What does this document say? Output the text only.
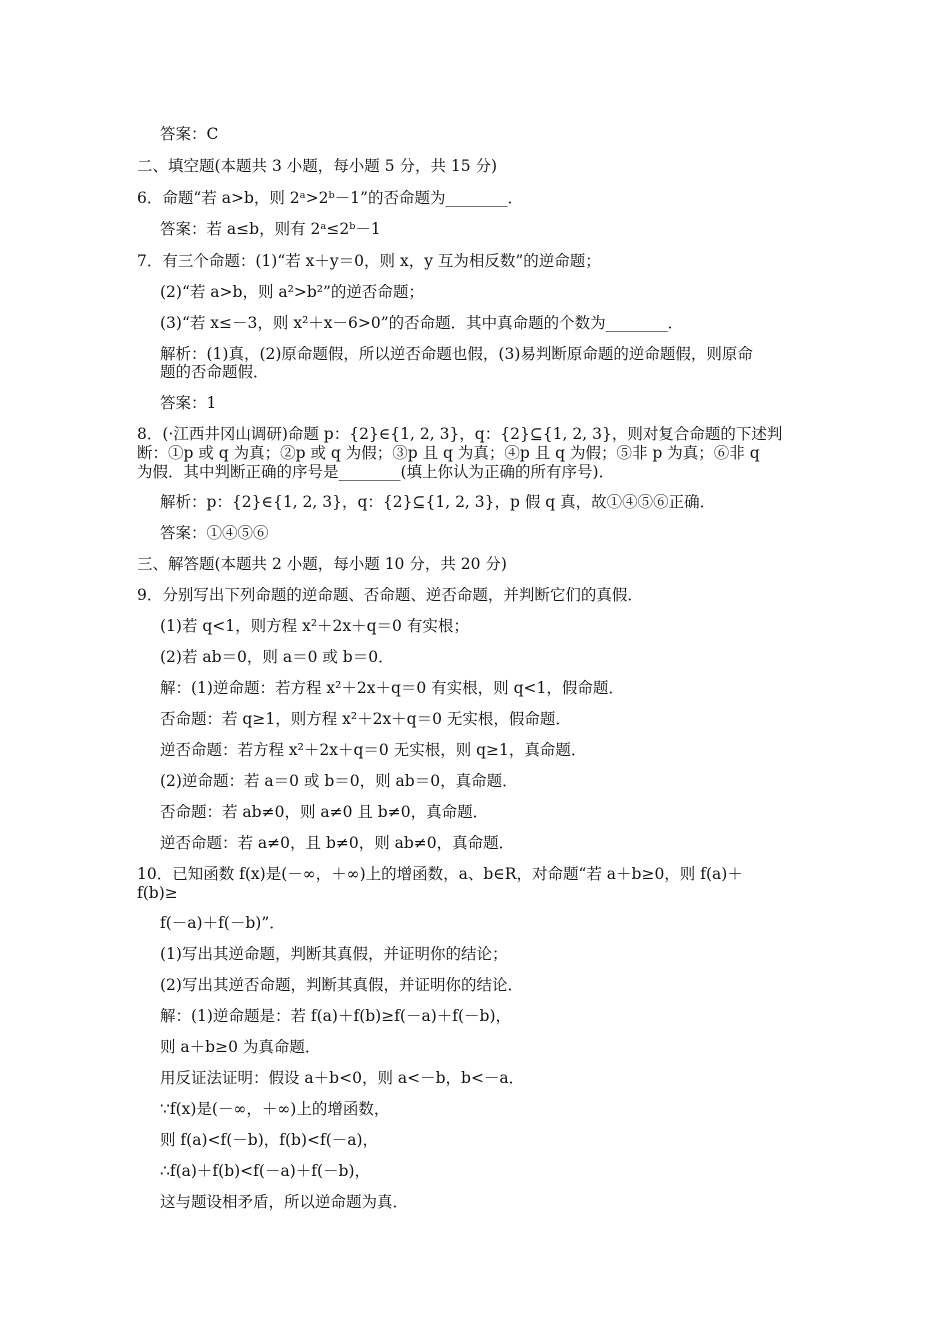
答案：C
二、填空题(本题共 3 小题，每小题 5 分，共 15 分)
6．命题“若 a>b，则 2ᵃ>2ᵇ－1”的否命题为________．
答案：若 a≤b，则有 2ᵃ≤2ᵇ－1
7．有三个命题：(1)“若 x＋y＝0，则 x，y 互为相反数”的逆命题；
(2)“若 a>b，则 a²>b²”的逆否命题；
(3)“若 x≤－3，则 x²＋x－6>0”的否命题．其中真命题的个数为________．
解析：(1)真，(2)原命题假，所以逆否命题也假，(3)易判断原命题的逆命题假，则原命
题的否命题假．
答案：1
8．(·江西井冈山调研)命题 p：{2}∈{1, 2, 3}，q：{2}⊆{1, 2, 3}，则对复合命题的下述判
断：①p 或 q 为真；②p 或 q 为假；③p 且 q 为真；④p 且 q 为假；⑤非 p 为真；⑥非 q
为假．其中判断正确的序号是________(填上你认为正确的所有序号)．
解析：p：{2}∈{1, 2, 3}，q：{2}⊆{1, 2, 3}，p 假 q 真，故①④⑤⑥正确．
答案：①④⑤⑥
三、解答题(本题共 2 小题，每小题 10 分，共 20 分)
9．分别写出下列命题的逆命题、否命题、逆否命题，并判断它们的真假．
(1)若 q<1，则方程 x²＋2x＋q＝0 有实根；
(2)若 ab＝0，则 a＝0 或 b＝0．
解：(1)逆命题：若方程 x²＋2x＋q＝0 有实根，则 q<1，假命题．
否命题：若 q≥1，则方程 x²＋2x＋q＝0 无实根，假命题．
逆否命题：若方程 x²＋2x＋q＝0 无实根，则 q≥1，真命题．
(2)逆命题：若 a＝0 或 b＝0，则 ab＝0，真命题．
否命题：若 ab≠0，则 a≠0 且 b≠0，真命题．
逆否命题：若 a≠0，且 b≠0，则 ab≠0，真命题．
10．已知函数 f(x)是(－∞，＋∞)上的增函数，a、b∈R，对命题“若 a＋b≥0，则 f(a)＋
f(b)≥
f(－a)＋f(－b)”．
(1)写出其逆命题，判断其真假，并证明你的结论；
(2)写出其逆否命题，判断其真假，并证明你的结论．
解：(1)逆命题是：若 f(a)＋f(b)≥f(－a)＋f(－b)，
则 a＋b≥0 为真命题．
用反证法证明：假设 a＋b<0，则 a<－b，b<－a．
∵f(x)是(－∞，＋∞)上的增函数，
则 f(a)<f(－b)，f(b)<f(－a)，
∴f(a)＋f(b)<f(－a)＋f(－b)，
这与题设相矛盾，所以逆命题为真．
